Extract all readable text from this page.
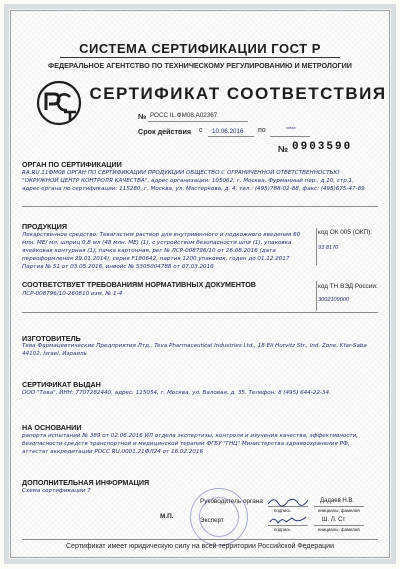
СИСТЕМА СЕРТИФИКАЦИИ ГОСТ Р
ФЕДЕРАЛЬНОЕ АГЕНТСТВО ПО ТЕХНИЧЕСКОМУ РЕГУЛИРОВАНИЮ И МЕТРОЛОГИИ
СЕРТИФИКАТ СООТВЕТСТВИЯ
№ РОСС IL.ФМ08.А02367
Срок действия с 10.06.2016 по	*****
№ 0903590
ОРГАН ПО СЕРТИФИКАЦИИ
RA.RU.11ФМ08 ОРГАН ПО СЕРТИФИКАЦИИ ПРОДУКЦИИ ОБЩЕСТВО С ОГРАНИЧЕННОЙ ОТВЕТСТВЕННОСТЬЮ "ОКРУЖНОЙ ЦЕНТР КОНТРОЛЯ КАЧЕСТВА", адрес организации: 105062, г. Москва, Фурманный пер., д.10, стр.1, адрес органа по сертификации: 115280, г. Москва, ул. Мастеркова, д. 4, тел.: (495)788-02-88, факс: (495)675-47-89
ПРОДУКЦИЯ
Лекарственное средство: Тевагастим раствор для внутривенного и подкожного введения 60 млн. МЕ/ мл, шприц 0,8 мл (48 млн. МЕ) (1), с устройством безопасности шпи (1), упаковка ячейковая контурная (1), пачка картонная, рег № ЛСР-008796/10 от 26.08.2016 (дата переоформления 29.01.2014), серия F180642, партия 1200 упаковок, годен до 01.12.2017 Партия № 51 от 03.05.2016, инвойс № 5305004788 от 07.03.2016
код ОК 005 (ОКП):
93 8170
СООТВЕТСТВУЕТ ТРЕБОВАНИЯМ НОРМАТИВНЫХ ДОКУМЕНТОВ
ЛСР-008796/10-260810 изм. № 1-4
код ТН ВЭД России:
3002109000
ИЗГОТОВИТЕЛЬ
Тева Фармацевтические Предприятия Лтд., Teva Pharmaceutical Industries Ltd., 18 Eli Hurvitz Str., Ind. Zone, Kfar-Saba 44102, Israel, Израиль
СЕРТИФИКАТ ВЫДАН
ООО "Тева", ИНН: 7707282440, адрес: 115054, г. Москва, ул. Валовая, д. 35. Телефон: 8 (495) 644-22-34.
НА ОСНОВАНИИ
рапорта испытаний № 389 от 02.06.2016 ИЛ отдела экспертизы, контроля и изучения качества, эффективности, безопасности средств транспортной и медицинской терапии ФГБУ "ГНЦ" Министерства здравоохранения РФ, аттестат аккредитации РОСС RU.0001.21ФЛ24 от 16.02.2016
ДОПОЛНИТЕЛЬНАЯ ИНФОРМАЦИЯ
Схема сертификации 7
Руководитель органа	Дадаев Н.В.
подпись	инициалы, фамилия
М.П.
Эксперт	Ш. Л. Ст
подпись	инициалы, фамилия
Сертификат имеет юридическую силу на всей территории Российской Федерации
